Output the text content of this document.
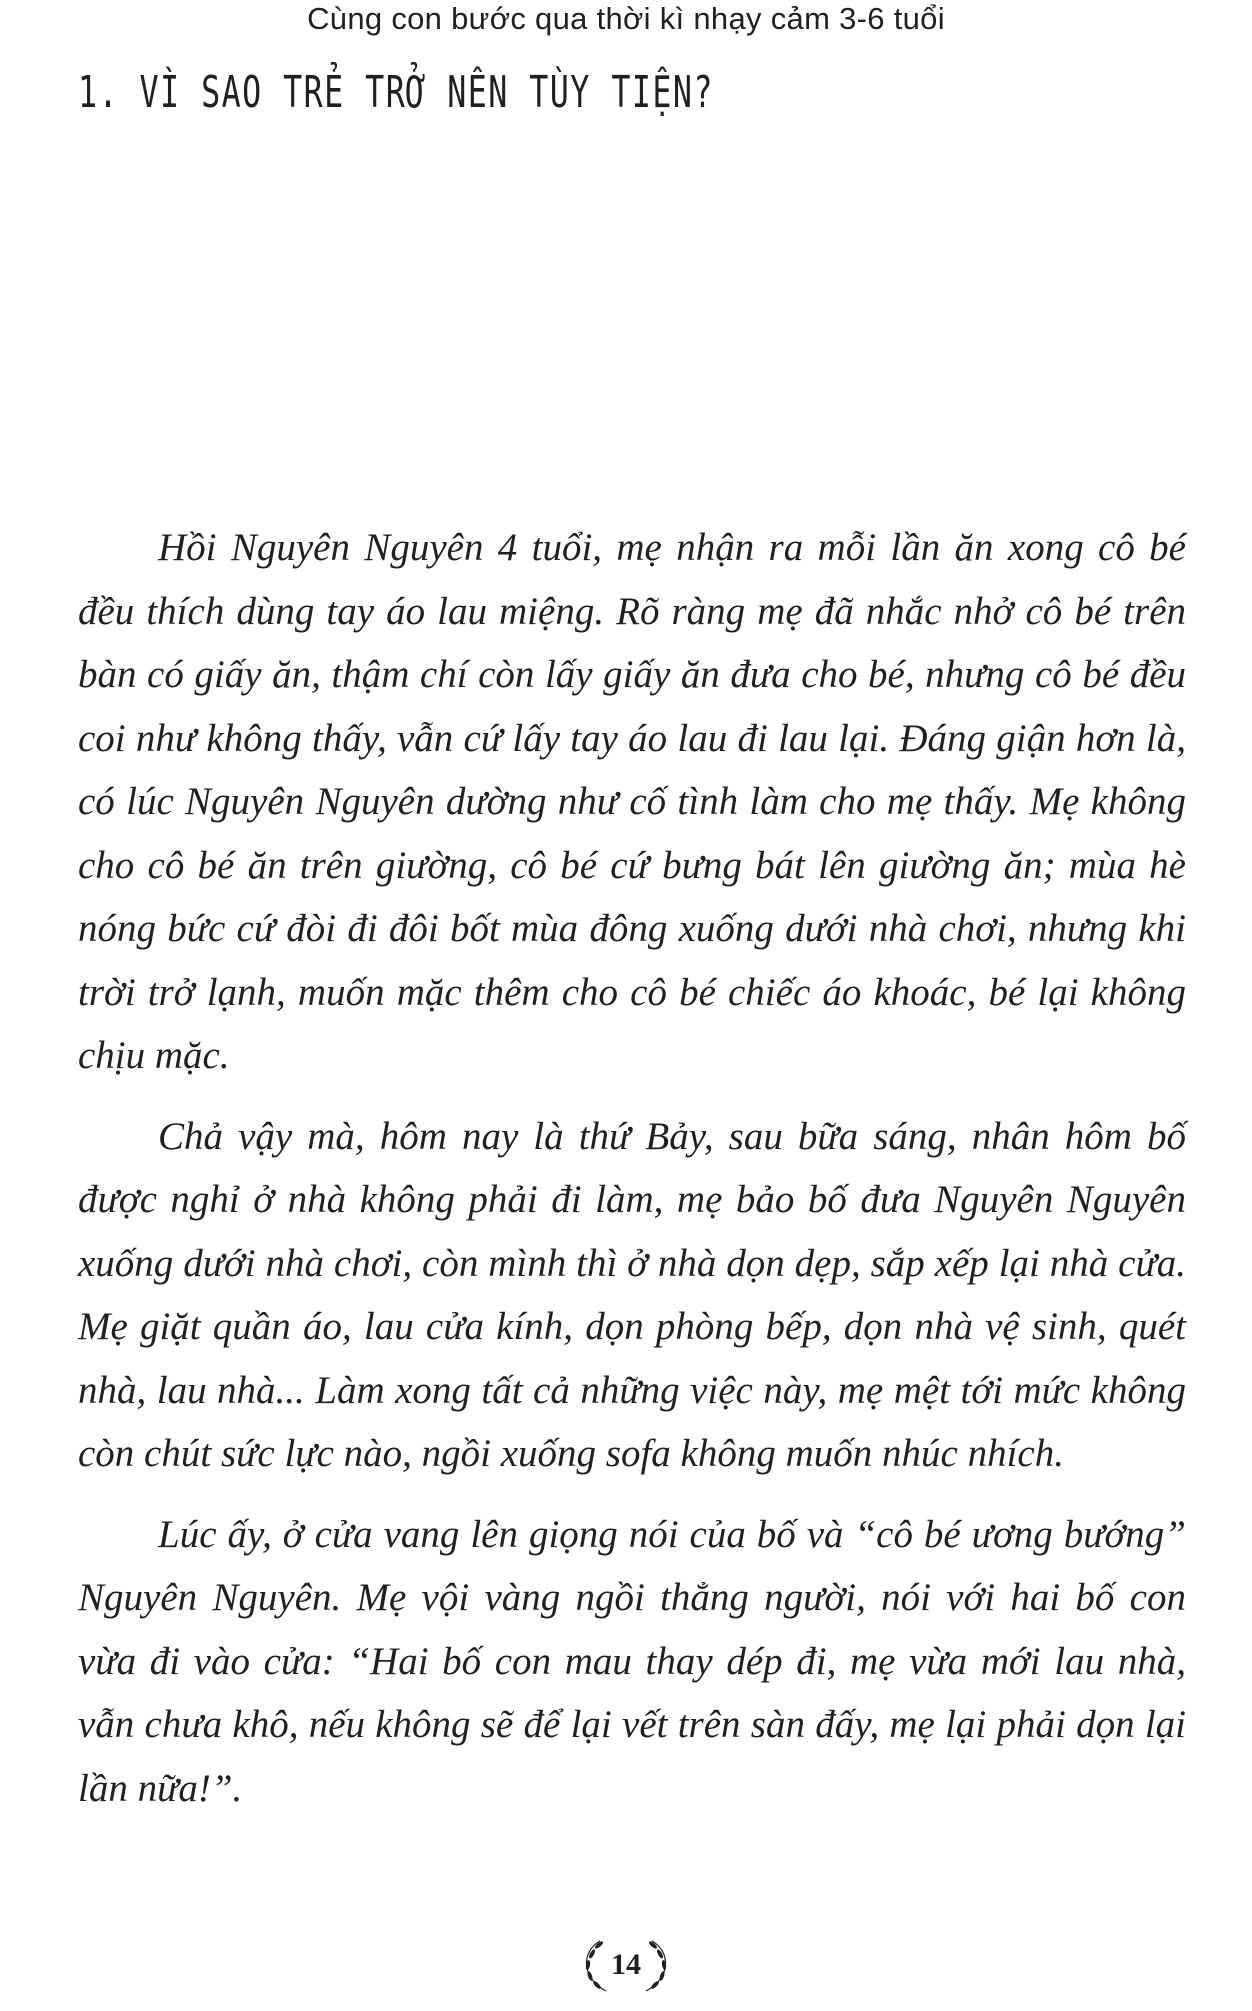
Cùng con bước qua thời kì nhạy cảm 3-6 tuổi
1. VÌ SAO TRẺ TRỞ NÊN TÙY TIỆN?

Hồi Nguyên Nguyên 4 tuổi, mẹ nhận ra mỗi lần ăn xong cô bé đều thích dùng tay áo lau miệng. Rõ ràng mẹ đã nhắc nhở cô bé trên bàn có giấy ăn, thậm chí còn lấy giấy ăn đưa cho bé, nhưng cô bé đều coi như không thấy, vẫn cứ lấy tay áo lau đi lau lại. Đáng giận hơn là, có lúc Nguyên Nguyên dường như cố tình làm cho mẹ thấy. Mẹ không cho cô bé ăn trên giường, cô bé cứ bưng bát lên giường ăn; mùa hè nóng bức cứ đòi đi đôi bốt mùa đông xuống dưới nhà chơi, nhưng khi trời trở lạnh, muốn mặc thêm cho cô bé chiếc áo khoác, bé lại không chịu mặc.

Chả vậy mà, hôm nay là thứ Bảy, sau bữa sáng, nhân hôm bố được nghỉ ở nhà không phải đi làm, mẹ bảo bố đưa Nguyên Nguyên xuống dưới nhà chơi, còn mình thì ở nhà dọn dẹp, sắp xếp lại nhà cửa. Mẹ giặt quần áo, lau cửa kính, dọn phòng bếp, dọn nhà vệ sinh, quét nhà, lau nhà... Làm xong tất cả những việc này, mẹ mệt tới mức không còn chút sức lực nào, ngồi xuống sofa không muốn nhúc nhích.

Lúc ấy, ở cửa vang lên giọng nói của bố và “cô bé ương bướng” Nguyên Nguyên. Mẹ vội vàng ngồi thẳng người, nói với hai bố con vừa đi vào cửa: “Hai bố con mau thay dép đi, mẹ vừa mới lau nhà, vẫn chưa khô, nếu không sẽ để lại vết trên sàn đấy, mẹ lại phải dọn lại lần nữa!”.

14
